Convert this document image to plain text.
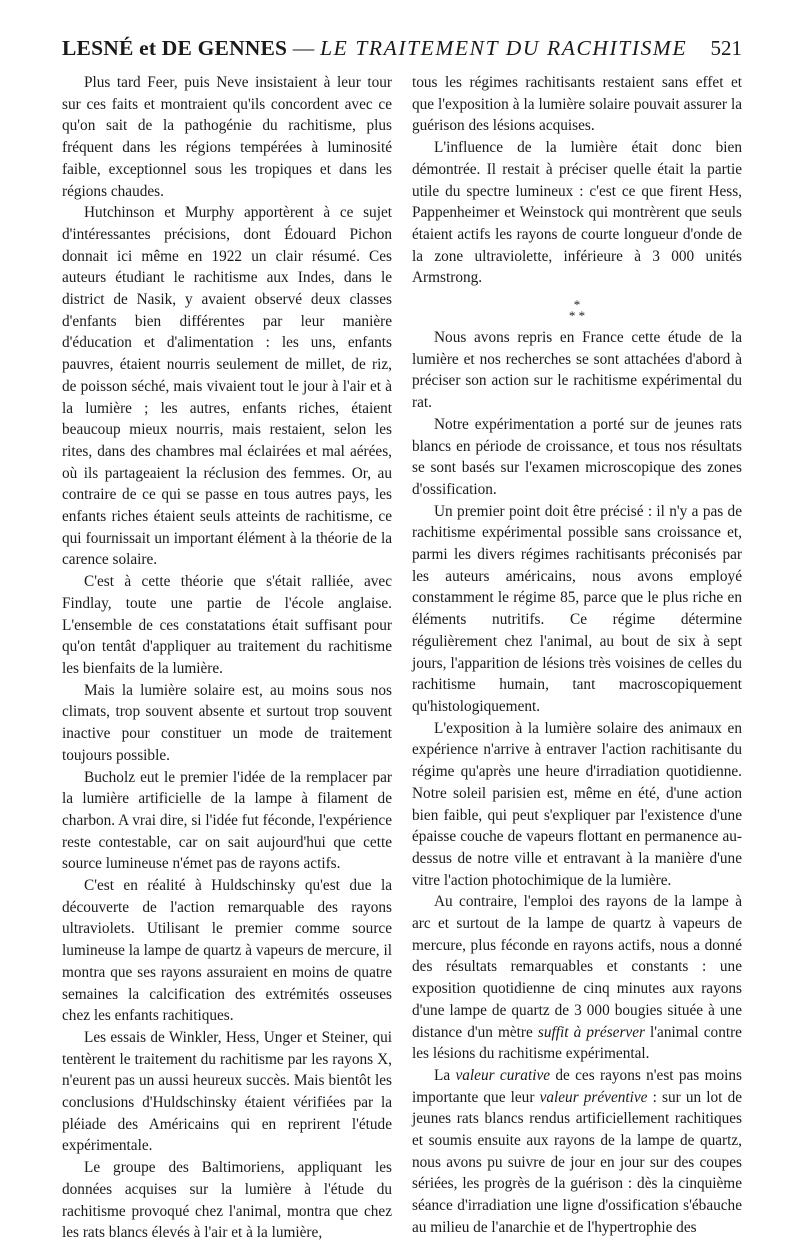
LESNÉ et DE GENNES — LE TRAITEMENT DU RACHITISME 521

Plus tard Feer, puis Neve insistaient à leur tour sur ces faits et montraient qu'ils concordent avec ce qu'on sait de la pathogénie du rachitisme, plus fréquent dans les régions tempérées à luminosité faible, exceptionnel sous les tropiques et dans les régions chaudes.

Hutchinson et Murphy apportèrent à ce sujet d'intéressantes précisions, dont Édouard Pichon donnait ici même en 1922 un clair résumé. Ces auteurs étudiant le rachitisme aux Indes, dans le district de Nasik, y avaient observé deux classes d'enfants bien différentes par leur manière d'éducation et d'alimentation : les uns, enfants pauvres, étaient nourris seulement de millet, de riz, de poisson séché, mais vivaient tout le jour à l'air et à la lumière ; les autres, enfants riches, étaient beaucoup mieux nourris, mais restaient, selon les rites, dans des chambres mal éclairées et mal aérées, où ils partageaient la réclusion des femmes. Or, au contraire de ce qui se passe en tous autres pays, les enfants riches étaient seuls atteints de rachitisme, ce qui fournissait un important élément à la théorie de la carence solaire.

C'est à cette théorie que s'était ralliée, avec Findlay, toute une partie de l'école anglaise. L'ensemble de ces constatations était suffisant pour qu'on tentât d'appliquer au traitement du rachitisme les bienfaits de la lumière.

Mais la lumière solaire est, au moins sous nos climats, trop souvent absente et surtout trop souvent inactive pour constituer un mode de traitement toujours possible.

Bucholz eut le premier l'idée de la remplacer par la lumière artificielle de la lampe à filament de charbon. A vrai dire, si l'idée fut féconde, l'expérience reste contestable, car on sait aujourd'hui que cette source lumineuse n'émet pas de rayons actifs.

C'est en réalité à Huldschinsky qu'est due la découverte de l'action remarquable des rayons ultraviolets. Utilisant le premier comme source lumineuse la lampe de quartz à vapeurs de mercure, il montra que ses rayons assuraient en moins de quatre semaines la calcification des extrémités osseuses chez les enfants rachitiques.

Les essais de Winkler, Hess, Unger et Steiner, qui tentèrent le traitement du rachitisme par les rayons X, n'eurent pas un aussi heureux succès. Mais bientôt les conclusions d'Huldschinsky étaient vérifiées par la pléiade des Américains qui en reprirent l'étude expérimentale.

Le groupe des Baltimoriens, appliquant les données acquises sur la lumière à l'étude du rachitisme provoqué chez l'animal, montra que chez les rats blancs élevés à l'air et à la lumière,

tous les régimes rachitisants restaient sans effet et que l'exposition à la lumière solaire pouvait assurer la guérison des lésions acquises.

L'influence de la lumière était donc bien démontrée. Il restait à préciser quelle était la partie utile du spectre lumineux : c'est ce que firent Hess, Pappenheimer et Weinstock qui montrèrent que seuls étaient actifs les rayons de courte longueur d'onde de la zone ultraviolette, inférieure à 3 000 unités Armstrong.

*
* *

Nous avons repris en France cette étude de la lumière et nos recherches se sont attachées d'abord à préciser son action sur le rachitisme expérimental du rat.

Notre expérimentation a porté sur de jeunes rats blancs en période de croissance, et tous nos résultats se sont basés sur l'examen microscopique des zones d'ossification.

Un premier point doit être précisé : il n'y a pas de rachitisme expérimental possible sans croissance et, parmi les divers régimes rachitisants préconisés par les auteurs américains, nous avons employé constamment le régime 85, parce que le plus riche en éléments nutritifs. Ce régime détermine régulièrement chez l'animal, au bout de six à sept jours, l'apparition de lésions très voisines de celles du rachitisme humain, tant macroscopiquement qu'histologiquement.

L'exposition à la lumière solaire des animaux en expérience n'arrive à entraver l'action rachitisante du régime qu'après une heure d'irradiation quotidienne. Notre soleil parisien est, même en été, d'une action bien faible, qui peut s'expliquer par l'existence d'une épaisse couche de vapeurs flottant en permanence au-dessus de notre ville et entravant à la manière d'une vitre l'action photochimique de la lumière.

Au contraire, l'emploi des rayons de la lampe à arc et surtout de la lampe de quartz à vapeurs de mercure, plus féconde en rayons actifs, nous a donné des résultats remarquables et constants : une exposition quotidienne de cinq minutes aux rayons d'une lampe de quartz de 3 000 bougies située à une distance d'un mètre suffit à préserver l'animal contre les lésions du rachitisme expérimental.

La valeur curative de ces rayons n'est pas moins importante que leur valeur préventive : sur un lot de jeunes rats blancs rendus artificiellement rachitiques et soumis ensuite aux rayons de la lampe de quartz, nous avons pu suivre de jour en jour sur des coupes sériées, les progrès de la guérison : dès la cinquième séance d'irradiation une ligne d'ossification s'ébauche au milieu de l'anarchie et de l'hypertrophie des
